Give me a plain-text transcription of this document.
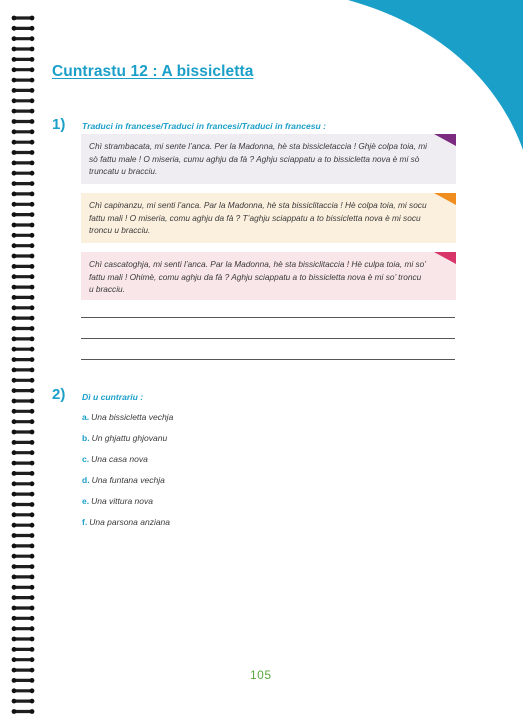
Cuntrastu 12 : A bissicletta
1) Traduci in francese/Traduci in francesi/Traduci in francesu :
Chì strambacata, mi sente l’anca. Per la Madonna, hè sta bissicletaccia ! Ghjè colpa toia, mi
sò fattu male ! O miseria, cumu aghju da fà ? Aghju sciappatu a to bissicletta nova è mi sò
truncatu u bracciu.
Chì capinanzu, mi senti l’anca. Par la Madonna, hè sta bissiclitaccia ! Hè colpa toia, mi socu
fattu mali ! O miseria, comu aghju da fà ? T’aghju sciappatu a to bissicletta nova è mi socu
troncu u bracciu.
Chì cascatoghja, mi senti l’anca. Par la Madonna, hè sta bissiclitaccia ! Hè culpa toia, mi so’
fattu mali ! Ohimè, comu aghju da fà ? Aghju sciappatu a to bissicletta nova è mi so’ troncu
u bracciu.
2) Dì u cuntrariu :
a. Una bissicletta vechja
b. Un ghjattu ghjovanu
c. Una casa nova
d. Una funtana vechja
e. Una vittura nova
f. Una parsona anziana
105
